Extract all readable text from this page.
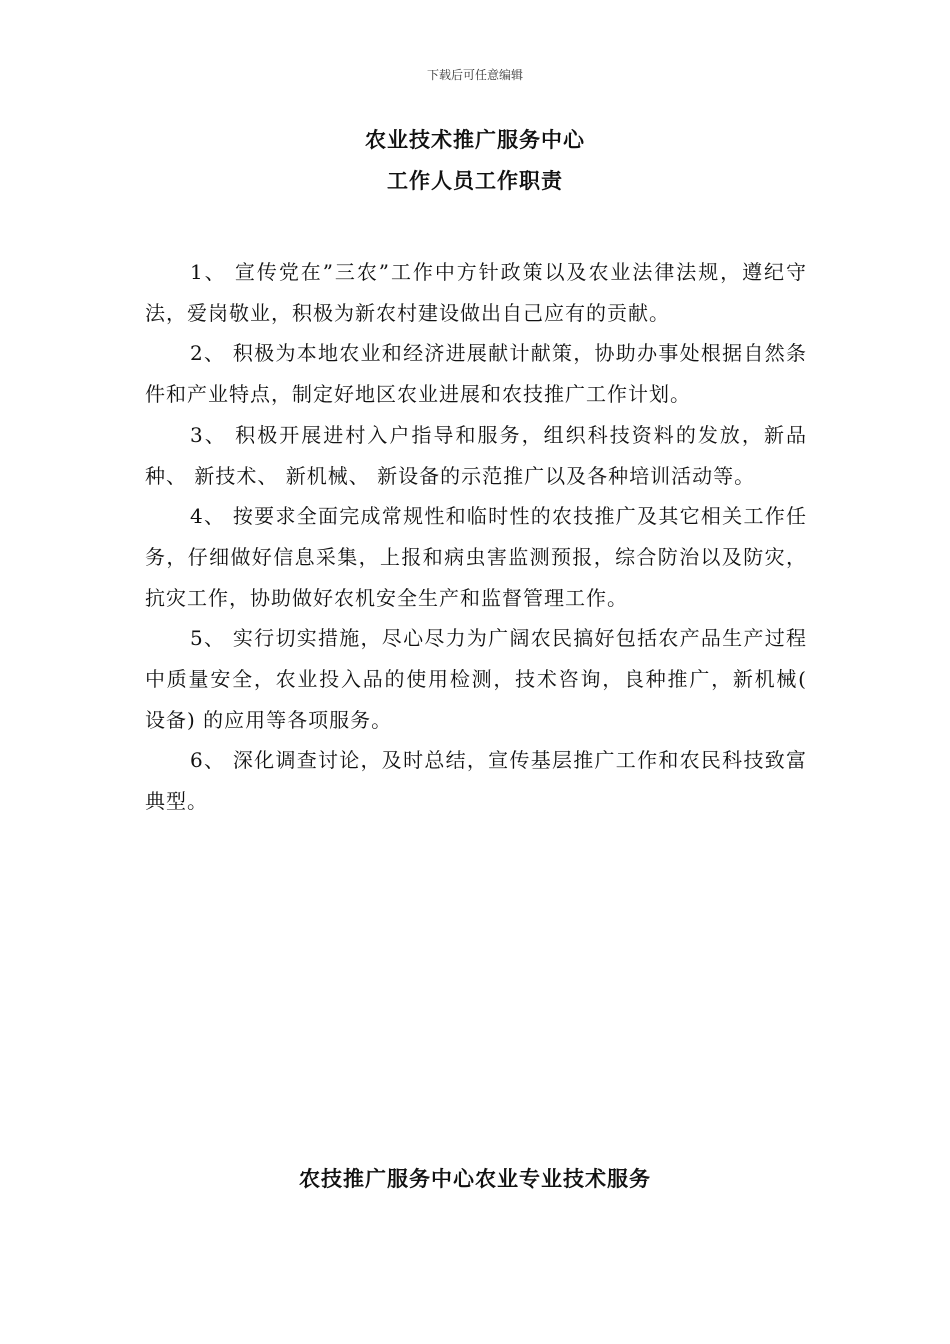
下载后可任意编辑
农业技术推广服务中心
工作人员工作职责

1、 宣传党在”三农”工作中方针政策以及农业法律法规，遵纪守法，爱岗敬业，积极为新农村建设做出自己应有的贡献。

2、 积极为本地农业和经济进展献计献策，协助办事处根据自然条件和产业特点，制定好地区农业进展和农技推广工作计划。

3、 积极开展进村入户指导和服务，组织科技资料的发放，新品种、 新技术、 新机械、 新设备的示范推广以及各种培训活动等。

4、 按要求全面完成常规性和临时性的农技推广及其它相关工作任务，仔细做好信息采集，上报和病虫害监测预报，综合防治以及防灾，抗灾工作，协助做好农机安全生产和监督管理工作。

5、 实行切实措施，尽心尽力为广阔农民搞好包括农产品生产过程中质量安全，农业投入品的使用检测，技术咨询，良种推广，新机械( 设备) 的应用等各项服务。

6、 深化调查讨论，及时总结，宣传基层推广工作和农民科技致富典型。

农技推广服务中心农业专业技术服务
